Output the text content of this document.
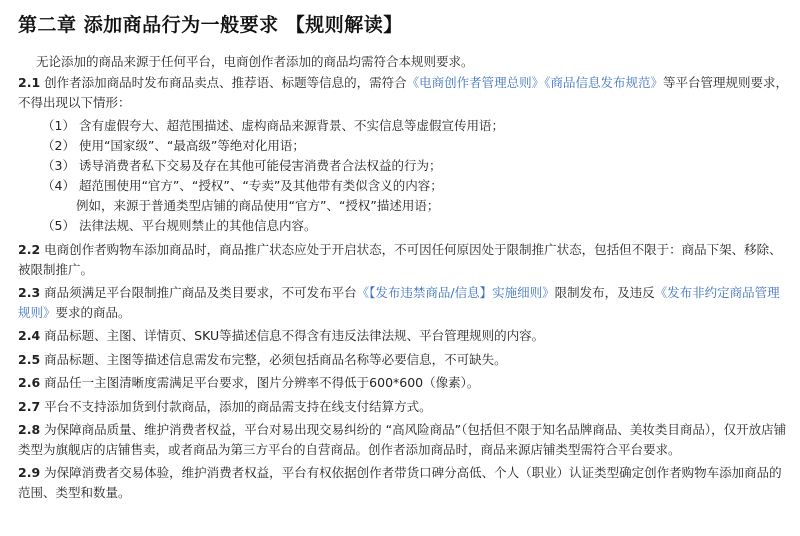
第二章 添加商品行为一般要求 【规则解读】
无论添加的商品来源于任何平台，电商创作者添加的商品均需符合本规则要求。
2.1 创作者添加商品时发布商品卖点、推荐语、标题等信息的，需符合《电商创作者管理总则》《商品信息发布规范》等平台管理规则要求，不得出现以下情形：
（1） 含有虚假夸大、超范围描述、虚构商品来源背景、不实信息等虚假宣传用语；
（2） 使用“国家级”、“最高级”等绝对化用语；
（3） 诱导消费者私下交易及存在其他可能侵害消费者合法权益的行为；
（4） 超范围使用“官方”、“授权”、“专卖”及其他带有类似含义的内容；
例如，来源于普通类型店铺的商品使用“官方”、“授权”描述用语；
（5） 法律法规、平台规则禁止的其他信息内容。
2.2 电商创作者购物车添加商品时，商品推广状态应处于开启状态，不可因任何原因处于限制推广状态，包括但不限于：商品下架、移除、被限制推广。
2.3 商品须满足平台限制推广商品及类目要求，不可发布平台《【发布违禁商品/信息】实施细则》限制发布，及违反《发布非约定商品管理规则》要求的商品。
2.4 商品标题、主图、详情页、SKU等描述信息不得含有违反法律法规、平台管理规则的内容。
2.5 商品标题、主图等描述信息需发布完整，必须包括商品名称等必要信息，不可缺失。
2.6 商品任一主图清晰度需满足平台要求，图片分辨率不得低于600*600（像素）。
2.7 平台不支持添加货到付款商品，添加的商品需支持在线支付结算方式。
2.8 为保障商品质量、维护消费者权益，平台对易出现交易纠纷的 “高风险商品”（包括但不限于知名品牌商品、美妆类目商品），仅开放店铺类型为旗舰店的店铺售卖，或者商品为第三方平台的自营商品。创作者添加商品时，商品来源店铺类型需符合平台要求。
2.9 为保障消费者交易体验，维护消费者权益，平台有权依据创作者带货口碑分高低、个人（职业）认证类型确定创作者购物车添加商品的范围、类型和数量。
